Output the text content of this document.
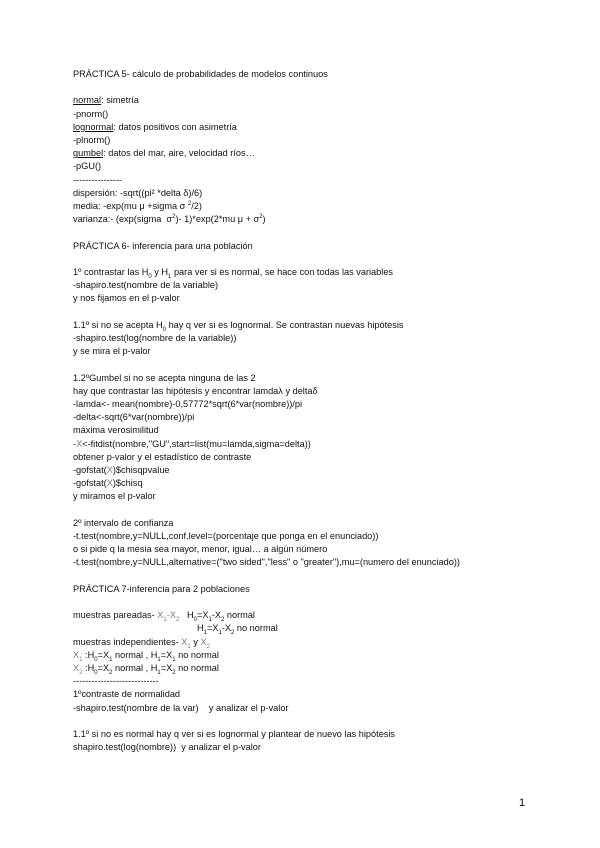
PRÁCTICA 5- cálculo de probabilidades de modelos continuos
normal: simetría
-pnorm()
lognormal: datos positivos con asimetría
-plnorm()
gumbel: datos del mar, aire, velocidad ríos…
-pGU()
----------------
dispersión: -sqrt((pi² *delta δ)/6)
media: -exp(mu μ +sigma σ $^2$/2)
varianza:- (exp(sigma  $\sigma^2)-$ 1)*exp(2*mu $\mu + \sigma^2$)
PRÁCTICA 6- inferencia para una población
1º contrastar las $H_0$ y $H_1$ para ver si es normal, se hace con todas las variables
-shapiro.test(nombre de la variable)
y nos fijamos en el p-valor
1.1º si no se acepta $H_0$ hay q ver si es lognormal. Se contrastan nuevas hipótesis
-shapiro.test(log(nombre de la variable))
y se mira el p-valor
1.2ºGumbel si no se acepta ninguna de las 2
hay que contrastar las hipótesis y encontrar lamdaλ y deltaδ
-lamda<- mean(nombre)-0,57772*sqrt(6*var(nombre))/pi
-delta<-sqrt(6*var(nombre))/pi
máxima verosimilitud
-X<-fitdist(nombre,"GU",start=list(mu=lamda,sigma=delta))
obtener p-valor y el estadístico de contraste
-gofstat(X)$chisqpvalue
-gofstat(X)$chisq
y miramos el p-valor
2º intervalo de confianza
-t.test(nombre,y=NULL,conf.level=(porcentaje que ponga en el enunciado))
o si pide q la mesia sea mayor, menor, igual… a algún número
-t.test(nombre,y=NULL,alternative=("two sided","less" o "greater"),mu=(numero del enunciado))
PRÁCTICA 7-inferencia para 2 poblaciones
muestras pareadas- $X_1-X_2$ $H_0=X_1-X_2$ normal
$H_1=X_1-X_2$ no normal
muestras independientes- $X_1$ y $X_2$
$X_1$ $:H_0=X_1$ normal , $H_1=X_1$ no normal
$X_2$ $:H_0=X_2$ normal , $H_1=X_2$ no normal
----------------------------
1ºcontraste de normalidad
-shapiro.test(nombre de la var)    y analizar el p-valor
1.1º si no es normal hay q ver si es lognormal y plantear de nuevo las hipótesis
shapiro.test(log(nombre))  y analizar el p-valor
1
